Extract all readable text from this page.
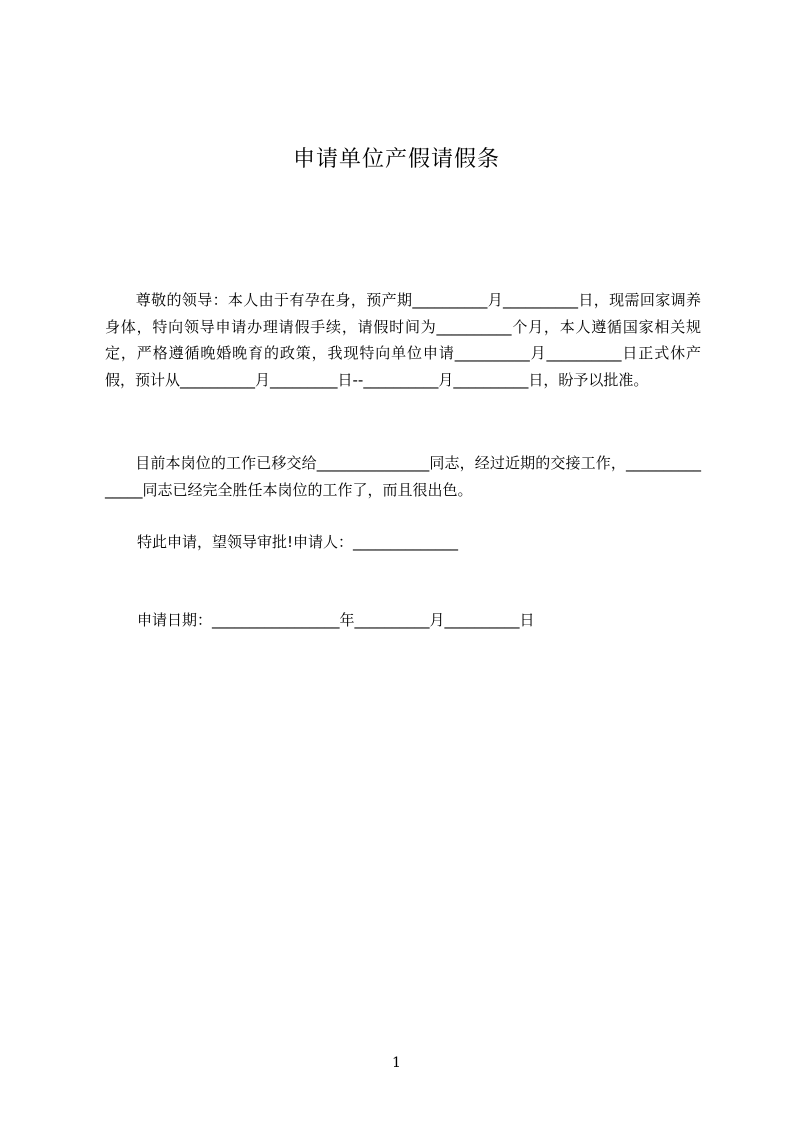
申请单位产假请假条
　　尊敬的领导：本人由于有孕在身，预产期__________月__________日，现需回家调养身体，特向领导申请办理请假手续，请假时间为__________个月，本人遵循国家相关规定，严格遵循晚婚晚育的政策，我现特向单位申请__________月__________日正式休产假，预计从__________月_________日--__________月__________日，盼予以批准。
　　目前本岗位的工作已移交给_______________同志，经过近期的交接工作，_______________同志已经完全胜任本岗位的工作了，而且很出色。
特此申请，望领导审批!申请人：______________
申请日期：_________________年__________月__________日
1
